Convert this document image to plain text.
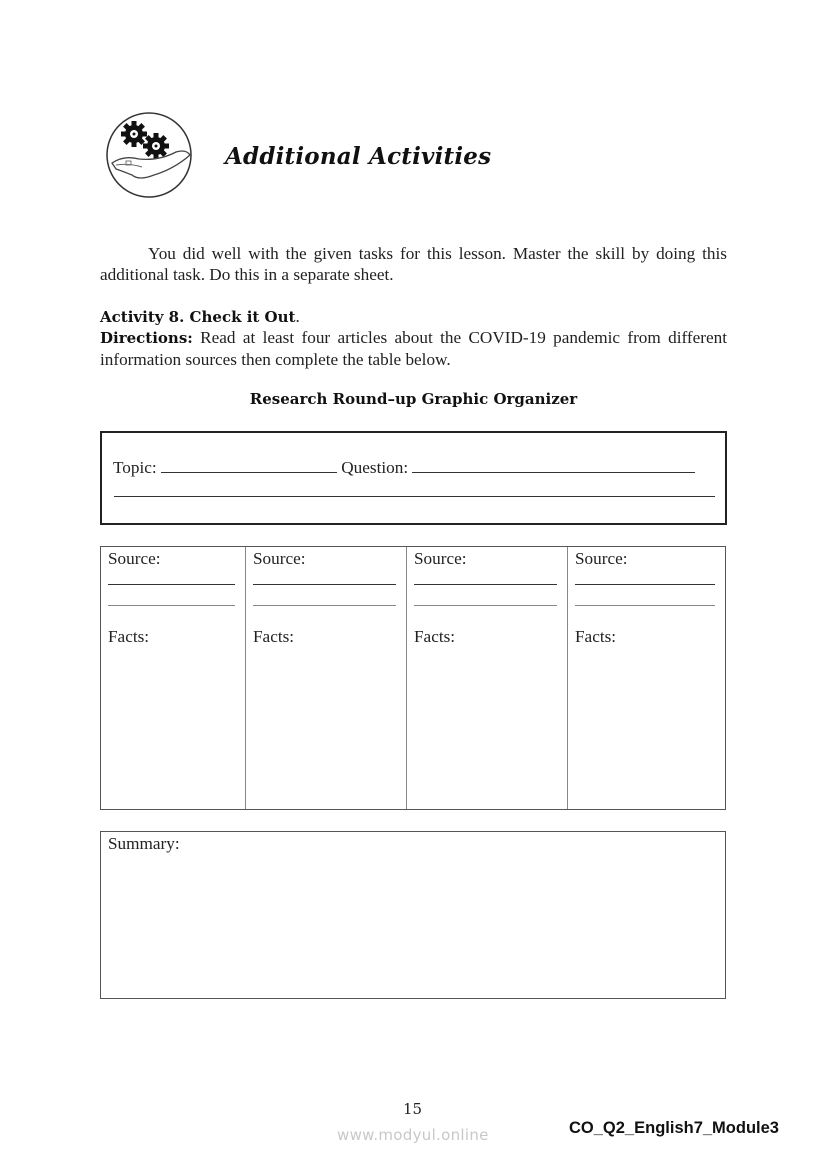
Additional Activities
You did well with the given tasks for this lesson. Master the skill by doing this additional task. Do this in a separate sheet.
Activity 8. Check it Out.
Directions: Read at least four articles about the COVID-19 pandemic from different information sources then complete the table below.
Research Round–up Graphic Organizer
Topic:	Question:
Source:
Facts:
Source:
Facts:
Source:
Facts:
Source:
Facts:
Summary:
15
www.modyul.online	CO_Q2_English7_Module3
